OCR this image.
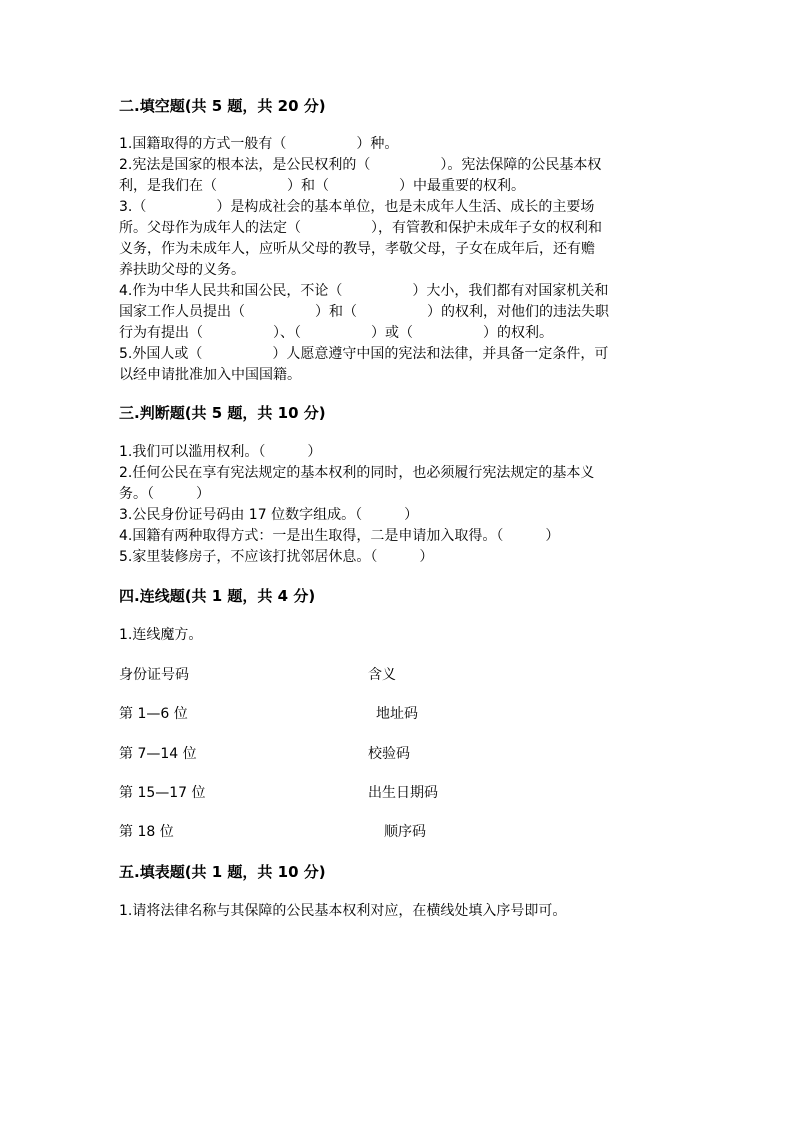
二.填空题(共 5 题，共 20 分)
1.国籍取得的方式一般有（　　　　　）种。
2.宪法是国家的根本法，是公民权利的（　　　　　）。宪法保障的公民基本权
利，是我们在（　　　　　）和（　　　　　）中最重要的权利。
3.（　　　　　）是构成社会的基本单位，也是未成年人生活、成长的主要场
所。父母作为成年人的法定（　　　　　），有管教和保护未成年子女的权利和
义务，作为未成年人，应听从父母的教导，孝敬父母，子女在成年后，还有赡
养扶助父母的义务。
4.作为中华人民共和国公民，不论（　　　　　）大小，我们都有对国家机关和
国家工作人员提出（　　　　　）和（　　　　　）的权利，对他们的违法失职
行为有提出（　　　　　）、（　　　　　）或（　　　　　）的权利。
5.外国人或（　　　　　）人愿意遵守中国的宪法和法律，并具备一定条件，可
以经申请批准加入中国国籍。
三.判断题(共 5 题，共 10 分)
1.我们可以滥用权利。（　　　）
2.任何公民在享有宪法规定的基本权利的同时，也必须履行宪法规定的基本义
务。（　　　）
3.公民身份证号码由 17 位数字组成。（　　　）
4.国籍有两种取得方式：一是出生取得，二是申请加入取得。（　　　）
5.家里装修房子，不应该打扰邻居休息。（　　　）
四.连线题(共 1 题，共 4 分)
1.连线魔方。
身份证号码	含义
第 1—6 位	地址码
第 7—14 位	校验码
第 15—17 位	出生日期码
第 18 位	顺序码
五.填表题(共 1 题，共 10 分)
1.请将法律名称与其保障的公民基本权利对应，在横线处填入序号即可。
